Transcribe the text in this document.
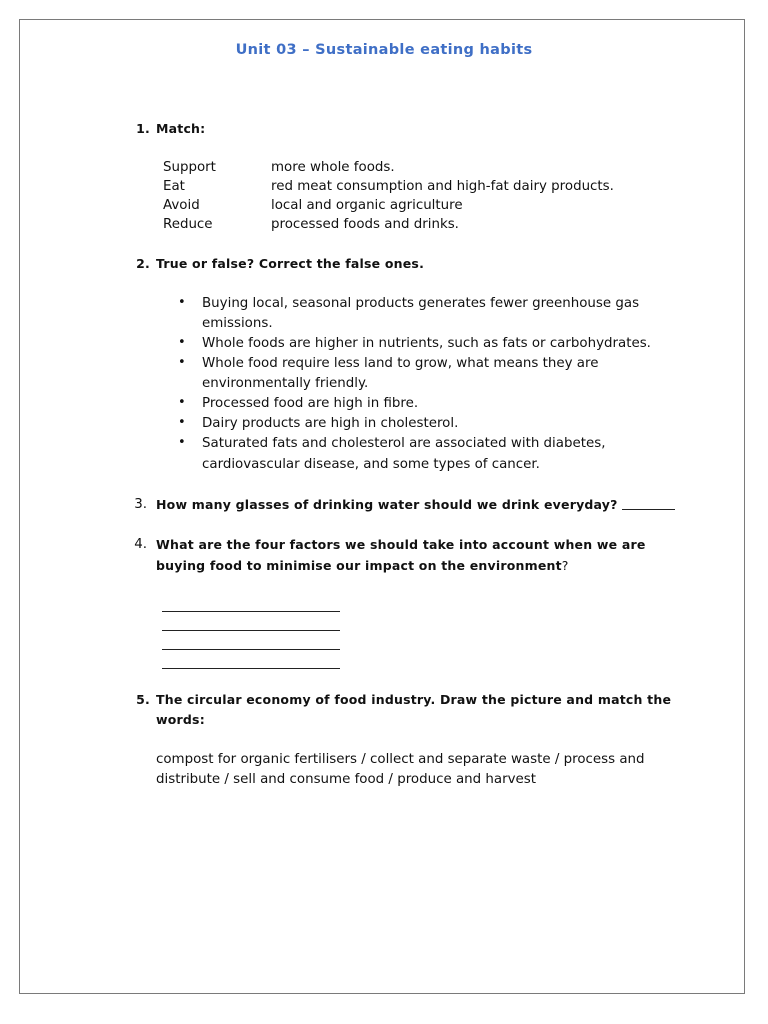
Unit 03 – Sustainable eating habits
1. Match:
Support
Eat
Avoid
Reduce
more whole foods.
red meat consumption and high-fat dairy products.
local and organic agriculture
processed foods and drinks.
2. True or false? Correct the false ones.
• Buying local, seasonal products generates fewer greenhouse gas
emissions.
• Whole foods are higher in nutrients, such as fats or carbohydrates.
• Whole food require less land to grow, what means they are
environmentally friendly.
• Processed food are high in fibre.
• Dairy products are high in cholesterol.
• Saturated fats and cholesterol are associated with diabetes,
cardiovascular disease, and some types of cancer.
3. How many glasses of drinking water should we drink everyday?
4. What are the four factors we should take into account when we are
buying food to minimise our impact on the environment?
5. The circular economy of food industry. Draw the picture and match the
words:
compost for organic fertilisers / collect and separate waste / process and
distribute / sell and consume food / produce and harvest
